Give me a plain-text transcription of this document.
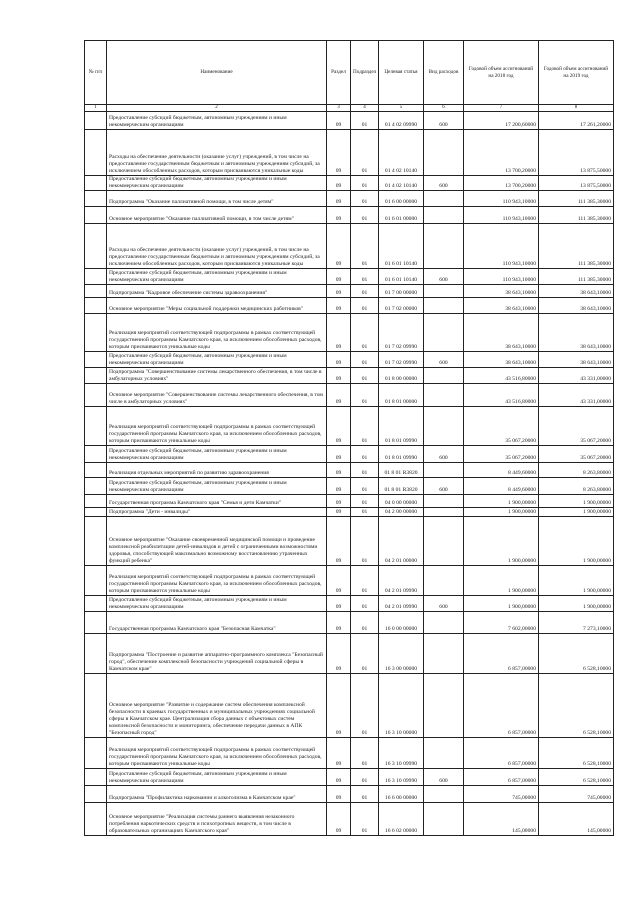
№ п/п	Наименование	Раздел	Подраздел	Целевая статья	Вид расходов	Годовой объем ассигнований на 2018 год	Годовой объем ассигнований на 2019 год
1	2	3	4	5	6	7	8
	Предоставление субсидий бюджетным, автономным учреждениям и иным некоммерческим организациям	09	01	01 4 02 09990	600	17 200,60000	17 261,20000
	Расходы на обеспечение деятельности (оказание услуг) учреждений, в том числе на предоставление государственным бюджетным и автономным учреждениям субсидий, за исключением обособленных расходов, которым присваиваются уникальные коды	09	01	01 4 02 10140		13 700,20000	13 875,50000
	Предоставление субсидий бюджетным, автономным учреждениям и иным некоммерческим организациям	09	01	01 4 02 10140	600	13 700,20000	13 875,50000
	Подпрограмма "Оказание паллиативной помощи, в том числе детям"	09	01	01 6 00 00000		110 943,10000	111 385,30000
	Основное мероприятие "Оказание паллиативной помощи, в том числе детям"	09	01	01 6 01 00000		110 943,10000	111 385,30000
	Расходы на обеспечение деятельности (оказание услуг) учреждений, в том числе на предоставление государственным бюджетным и автономным учреждениям субсидий, за исключением обособленных расходов, которым присваиваются уникальные коды	09	01	01 6 01 10140		110 943,10000	111 385,30000
	Предоставление субсидий бюджетным, автономным учреждениям и иным некоммерческим организациям	09	01	01 6 01 10140	600	110 943,10000	111 385,30000
	Подпрограмма "Кадровое обеспечение системы здравоохранения"	09	01	01 7 00 00000		38 643,10000	38 643,10000
	Основное мероприятие "Меры социальной поддержки медицинских работников"	09	01	01 7 02 00000		38 643,10000	38 643,10000
	Реализация мероприятий соответствующей подпрограммы в рамках соответствующей государственной программы Камчатского края, за исключением обособленных расходов, которым присваиваются уникальные коды	09	01	01 7 02 09990		38 643,10000	38 643,10000
	Предоставление субсидий бюджетным, автономным учреждениям и иным некоммерческим организациям	09	01	01 7 02 09990	600	38 643,10000	38 643,10000
	Подпрограмма "Совершенствование системы лекарственного обеспечения, в том числе в амбулаторных условиях"	09	01	01 8 00 00000		43 516,80000	43 331,00000
	Основное мероприятие "Совершенствование системы лекарственного обеспечения, в том числе в амбулаторных условиях"	09	01	01 8 01 00000		43 516,80000	43 331,00000
	Реализация мероприятий соответствующей подпрограммы в рамках соответствующей государственной программы Камчатского края, за исключением обособленных расходов, которым присваиваются уникальные коды	09	01	01 8 01 09990		35 067,20000	35 067,20000
	Предоставление субсидий бюджетным, автономным учреждениям и иным некоммерческим организациям	09	01	01 8 01 09990	600	35 067,20000	35 067,20000
	Реализация отдельных мероприятий по развитию здравоохранения	09	01	01 8 01 R3820		8 449,60000	8 263,80000
	Предоставление субсидий бюджетным, автономным учреждениям и иным некоммерческим организациям	09	01	01 8 01 R3820	600	8 449,60000	8 263,80000
	Государственная программа Камчатского края "Семья и дети Камчатки"	09	01	04 0 00 00000		1 900,00000	1 900,00000
	Подпрограмма "Дети - инвалиды"	09	01	04 2 00 00000		1 900,00000	1 900,00000
	Основное мероприятие "Оказание своевременной медицинской помощи и проведение комплексной реабилитации детей-инвалидов и детей с ограниченными возможностями здоровья, способствующей максимально возможному восстановлению утраченных функций ребенка"	09	01	04 2 01 00000		1 900,00000	1 900,00000
	Реализация мероприятий соответствующей подпрограммы в рамках соответствующей государственной программы Камчатского края, за исключением обособленных расходов, которым присваиваются уникальные коды	09	01	04 2 01 09990		1 900,00000	1 900,00000
	Предоставление субсидий бюджетным, автономным учреждениям и иным некоммерческим организациям	09	01	04 2 01 09990	600	1 900,00000	1 900,00000
	Государственная программа Камчатского края "Безопасная Камчатка"	09	01	16 0 00 00000		7 602,00000	7 273,10000
	Подпрограмма "Построение и развитие аппаратно-программного комплекса "Безопасный город", обеспечение комплексной безопасности учреждений социальной сферы в Камчатском крае"	09	01	16 3 00 00000		6 857,00000	6 528,10000
	Основное мероприятие "Развитие и содержание систем обеспечения комплексной безопасности в краевых государственных и муниципальных учреждениях социальной сферы в Камчатском крае. Централизация сбора данных с объектовых систем комплексной безопасности и мониторинга, обеспечение передачи данных в АПК "Безопасный город"	09	01	16 3 10 00000		6 857,00000	6 528,10000
	Реализация мероприятий соответствующей подпрограммы в рамках соответствующей государственной программы Камчатского края, за исключением обособленных расходов, которым присваиваются уникальные коды	09	01	16 3 10 09990		6 857,00000	6 528,10000
	Предоставление субсидий бюджетным, автономным учреждениям и иным некоммерческим организациям	09	01	16 3 10 09990	600	6 857,00000	6 528,10000
	Подпрограмма "Профилактика наркомании и алкоголизма в Камчатском крае"	09	01	16 6 00 00000		745,00000	745,00000
	Основное мероприятие "Реализация системы раннего выявления незаконного потребления наркотических средств и психотропных веществ, в том числе в образовательных организациях Камчатского края"	09	01	16 6 02 00000		145,00000	145,00000
